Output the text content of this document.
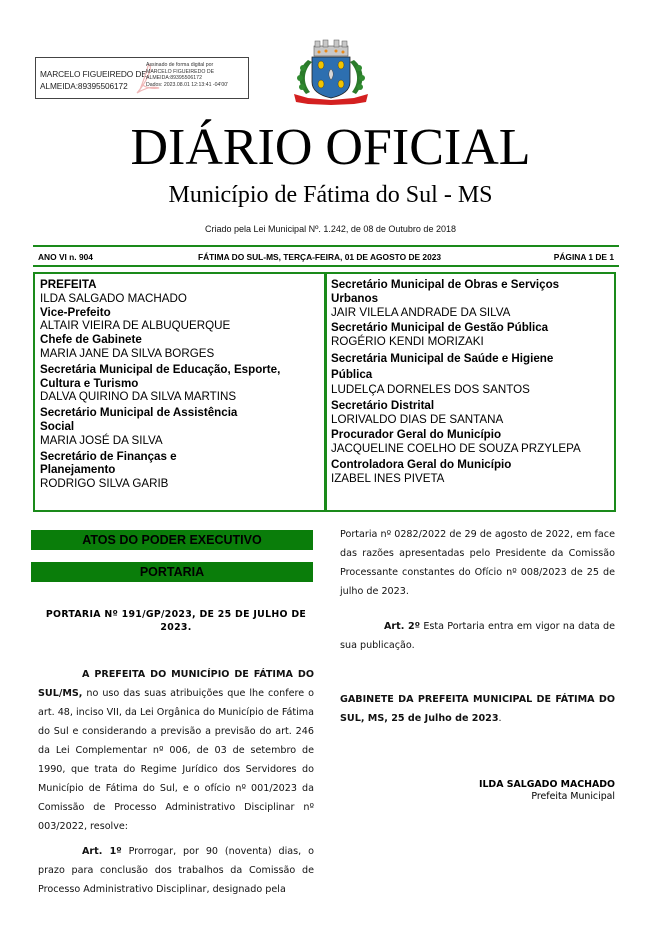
MARCELO FIGUEIREDO DE
ALMEIDA:89395506172
Assinado de forma digital por
MARCELO FIGUEIREDO DE
ALMEIDA:89395506172
Dados: 2023.08.01 12:13:41 -04'00'
DIÁRIO OFICIAL
Município de Fátima do Sul - MS
Criado pela Lei Municipal Nº. 1.242, de 08 de Outubro de 2018
ANO VI n. 904	FÁTIMA DO SUL-MS, TERÇA-FEIRA, 01 DE AGOSTO DE 2023	PÁGINA 1 DE 1
PREFEITA
ILDA SALGADO MACHADO
Vice-Prefeito
ALTAIR VIEIRA DE ALBUQUERQUE
Chefe de Gabinete
MARIA JANE DA SILVA BORGES
Secretária Municipal de Educação, Esporte, Cultura e Turismo
DALVA QUIRINO DA SILVA MARTINS
Secretário Municipal de Assistência Social
MARIA JOSÉ DA SILVA
Secretário de Finanças e Planejamento
RODRIGO SILVA GARIB
Secretário Municipal de Obras e Serviços Urbanos
JAIR VILELA ANDRADE DA SILVA
Secretário Municipal de Gestão Pública
ROGÉRIO KENDI MORIZAKI
Secretária Municipal de Saúde e Higiene Pública
LUDELÇA DORNELES DOS SANTOS
Secretário Distrital
LORIVALDO DIAS DE SANTANA
Procurador Geral do Município
JACQUELINE COELHO DE SOUZA PRZYLEPA
Controladora Geral do Município
IZABEL INES PIVETA
ATOS DO PODER EXECUTIVO
PORTARIA
PORTARIA Nº 191/GP/2023, DE 25 DE JULHO DE 2023.
A PREFEITA DO MUNICÍPIO DE FÁTIMA DO SUL/MS, no uso das suas atribuições que lhe confere o art. 48, inciso VII, da Lei Orgânica do Município de Fátima do Sul e considerando a previsão a previsão do art. 246 da Lei Complementar nº 006, de 03 de setembro de 1990, que trata do Regime Jurídico dos Servidores do Município de Fátima do Sul, e o ofício nº 001/2023 da Comissão de Processo Administrativo Disciplinar nº 003/2022, resolve:
Art. 1º Prorrogar, por 90 (noventa) dias, o prazo para conclusão dos trabalhos da Comissão de Processo Administrativo Disciplinar, designado pela
Portaria nº 0282/2022 de 29 de agosto de 2022, em face das razões apresentadas pelo Presidente da Comissão Processante constantes do Ofício nº 008/2023 de 25 de julho de 2023.
Art. 2º Esta Portaria entra em vigor na data de sua publicação.
GABINETE DA PREFEITA MUNICIPAL DE FÁTIMA DO SUL, MS, 25 de Julho de 2023.
ILDA SALGADO MACHADO
Prefeita Municipal
